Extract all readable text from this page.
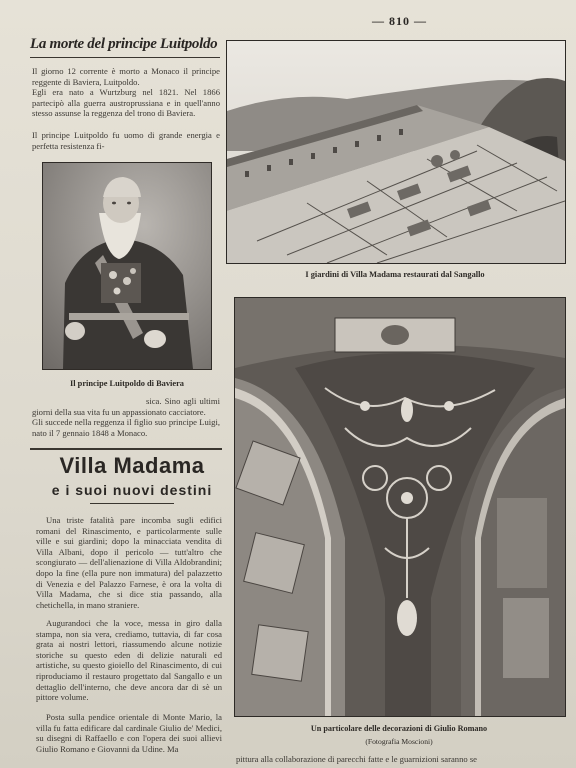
— 810 —
La morte del principe Luitpoldo
Il giorno 12 corrente è morto a Monaco il principe reggente di Baviera, Luitpoldo.
Egli era nato a Wurtzburg nel 1821. Nel 1866 partecipò alla guerra austroprussiana e in quell'anno stesso assunse la reggenza del trono di Baviera.
Il principe Luitpoldo fu uomo di grande energia e perfetta resistenza fi-
Il principe Luitpoldo di Baviera
sica. Sino agli ultimi giorni della sua vita fu un appassionato cacciatore.
Gli succede nella reggenza il figlio suo principe Luigi, nato il 7 gennaio 1848 a Monaco.
Villa Madama
e i suoi nuovi destini
Una triste fatalità pare incomba sugli edifici romani del Rinascimento, e particolarmente sulle ville e sui giardini; dopo la minacciata vendita di Villa Albani, dopo il pericolo — tutt'altro che scongiurato — dell'alienazione di Villa Aldobrandini; dopo la fine (ella pure non immatura) del palazzetto di Venezia e del Palazzo Farnese, è ora la volta di Villa Madama, che si dice stia passando, alla chetichella, in mano straniere.
Augurandoci che la voce, messa in giro dalla stampa, non sia vera, crediamo, tuttavia, di far cosa grata ai nostri lettori, riassumendo alcune notizie storiche su questo eden di delizie naturali ed artistiche, su questo gioiello del Rinascimento, di cui riproduciamo il restauro progettato dal Sangallo e un dettaglio dell'interno, che deve ancora dar di sè un pittore volume.
Posta sulla pendice orientale di Monte Mario, la villa fu fatta edificare dal cardinale Giulio de' Medici, su disegni di Raffaello e con l'opera dei suoi allievi Giulio Romano e Giovanni da Udine. Ma
I giardini di Villa Madama restaurati dal Sangallo
Un particolare delle decorazioni di Giulio Romano
(Fotografia Moscioni)
pittura alla collaborazione di parecchi fatte e le guarnizioni saranno se
